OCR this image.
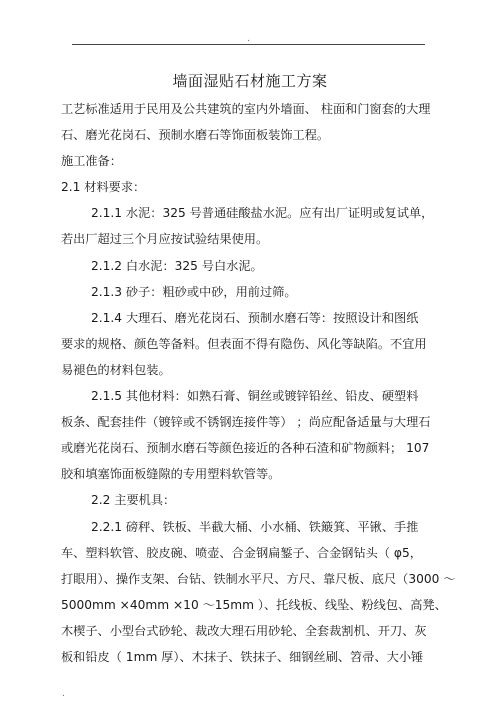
.
墙面湿贴石材施工方案
工艺标准适用于民用及公共建筑的室内外墙面、 柱面和门窗套的大理
石、磨光花岗石、预制水磨石等饰面板装饰工程。
施工准备：
2.1 材料要求：
2.1.1 水泥：325 号普通硅酸盐水泥。应有出厂证明或复试单，
若出厂超过三个月应按试验结果使用。
2.1.2 白水泥：325 号白水泥。
2.1.3 砂子：粗砂或中砂，用前过筛。
2.1.4 大理石、磨光花岗石、预制水磨石等：按照设计和图纸
要求的规格、颜色等备料。但表面不得有隐伤、风化等缺陷。不宜用
易褪色的材料包装。
2.1.5 其他材料：如熟石膏、铜丝或镀锌铅丝、铅皮、硬塑料
板条、配套挂件（镀锌或不锈钢连接件等） ；尚应配备适量与大理石
或磨光花岗石、预制水磨石等颜色接近的各种石渣和矿物颜料； 107
胶和填塞饰面板缝隙的专用塑料软管等。
2.2 主要机具：
2.2.1 磅秤、铁板、半截大桶、小水桶、铁簸箕、平锹、手推
车、塑料软管、胶皮碗、喷壶、合金钢扁錾子、合金钢钻头（ φ5，
打眼用）、操作支架、台钻、铁制水平尺、方尺、靠尺板、底尺（3000 ～
5000mm ×40mm ×10 ～15mm ）、托线板、线坠、粉线包、高凳、
木楔子、小型台式砂轮、裁改大理石用砂轮、全套裁割机、开刀、灰
板和铅皮（ 1mm 厚）、木抹子、铁抹子、细钢丝刷、笤帚、大小锤
.
